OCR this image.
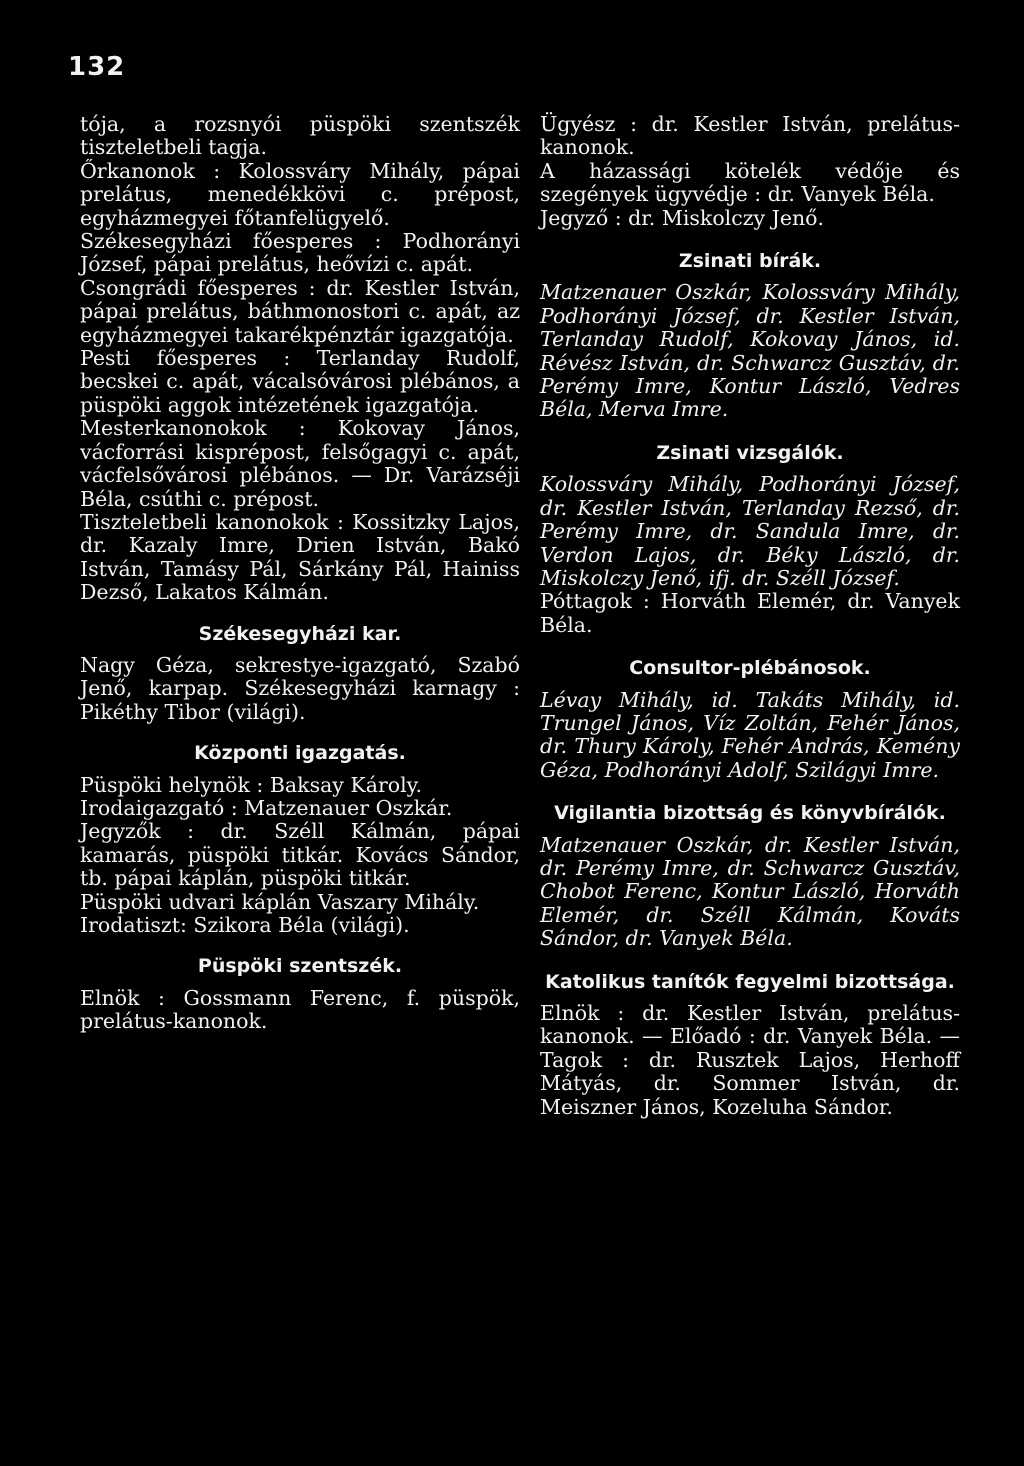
132

tója, a rozsnyói püspöki szentszék tiszteletbeli tagja.

Őrkanonok : Kolossváry Mihály, pápai prelátus, menedékkövi c. prépost, egyházmegyei főtanfelügyelő.

Székesegyházi főesperes : Podhorányi József, pápai prelátus, heővízi c. apát.

Csongrádi főesperes : dr. Kestler István, pápai prelátus, báthmonostori c. apát, az egyházmegyei takarékpénztár igazgatója.

Pesti főesperes : Terlanday Rudolf, becskei c. apát, vácalsóvárosi plébános, a püspöki aggok intézetének igazgatója.

Mesterkanonokok : Kokovay János, vácforrási kisprépost, felsőgagyi c. apát, vácfelsővárosi plébános. — Dr. Varázséji Béla, csúthi c. prépost.

Tiszteletbeli kanonokok : Kossitzky Lajos, dr. Kazaly Imre, Drien István, Bakó István, Tamásy Pál, Sárkány Pál, Hainiss Dezső, Lakatos Kálmán.

Székesegyházi kar.

Nagy Géza, sekrestye-igazgató, Szabó Jenő, karpap. Székesegyházi karnagy : Pikéthy Tibor (világi).

Központi igazgatás.

Püspöki helynök : Baksay Károly.

Irodaigazgató : Matzenauer Oszkár.

Jegyzők : dr. Széll Kálmán, pápai kamarás, püspöki titkár. Kovács Sándor, tb. pápai káplán, püspöki titkár.

Püspöki udvari káplán Vaszary Mihály.

Irodatiszt: Szikora Béla (világi).

Püspöki szentszék.

Elnök : Gossmann Ferenc, f. püspök, prelátus-kanonok.

Ügyész : dr. Kestler István, prelátus-kanonok.

A házassági kötelék védője és szegények ügyvédje : dr. Vanyek Béla.

Jegyző : dr. Miskolczy Jenő.

Zsinati bírák.

Matzenauer Oszkár, Kolossváry Mihály, Podhorányi József, dr. Kestler István, Terlanday Rudolf, Kokovay János, id. Révész István, dr. Schwarcz Gusztáv, dr. Perémy Imre, Kontur László, Vedres Béla, Merva Imre.

Zsinati vizsgálók.

Kolossváry Mihály, Podhorányi József, dr. Kestler István, Terlanday Rezső, dr. Perémy Imre, dr. Sandula Imre, dr. Verdon Lajos, dr. Béky László, dr. Miskolczy Jenő, ifj. dr. Széll József.

Póttagok : Horváth Elemér, dr. Vanyek Béla.

Consultor-plébánosok.

Lévay Mihály, id. Takáts Mihály, id. Trungel János, Víz Zoltán, Fehér János, dr. Thury Károly, Fehér András, Kemény Géza, Podhorányi Adolf, Szilágyi Imre.

Vigilantia bizottság és könyvbírálók.

Matzenauer Oszkár, dr. Kestler István, dr. Perémy Imre, dr. Schwarcz Gusztáv, Chobot Ferenc, Kontur László, Horváth Elemér, dr. Széll Kálmán, Kováts Sándor, dr. Vanyek Béla.

Katolikus tanítók fegyelmi bizottsága.

Elnök : dr. Kestler István, prelátus-kanonok. — Előadó : dr. Vanyek Béla. — Tagok : dr. Rusztek Lajos, Herhoff Mátyás, dr. Sommer István, dr. Meiszner János, Kozeluha Sándor.
